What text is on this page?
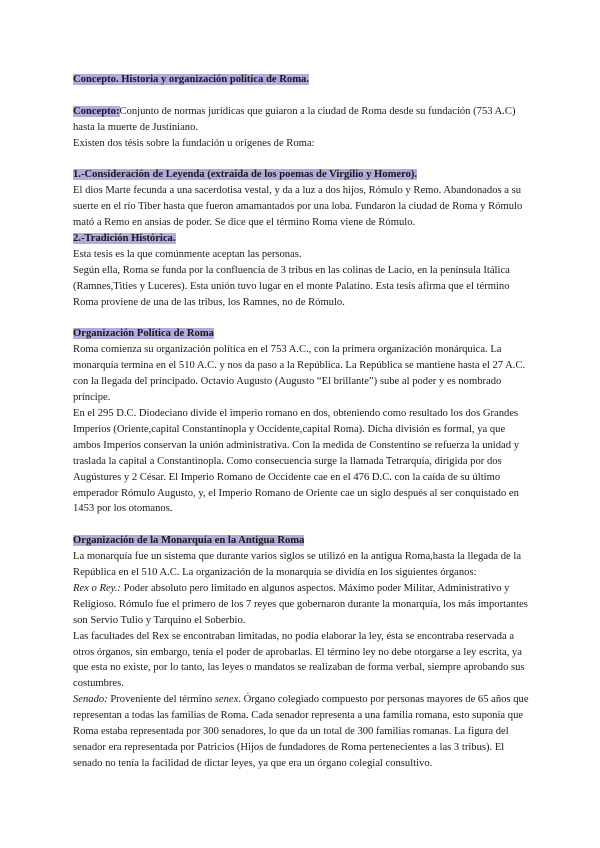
Concepto. Historia y organización política de Roma.

Concepto:Conjunto de normas jurídicas que guiaron a la ciudad de Roma desde su fundación (753 A.C) hasta la muerte de Justiniano.

Existen dos tésis sobre la fundación u orígenes de Roma:

1.-Consideración de Leyenda (extraída de los poemas de Virgilio y Homero).

El dios Marte fecunda a una sacerdotisa vestal, y da a luz a dos hijos, Rómulo y Remo. Abandonados a su suerte en el río Tiber hasta que fueron amamantados por una loba. Fundaron la ciudad de Roma y Rómulo mató a Remo en ansias de poder. Se dice que el término Roma viene de Rómulo.

2.-Tradición Histórica.

Esta tesis es la que comúnmente aceptan las personas.

Según ella, Roma se funda por la confluencia de 3 tribus en las colinas de Lacio, en la península Itálica (Ramnes,Tities y Luceres). Esta unión tuvo lugar en el monte Palatino. Esta tesis afirma que el término Roma proviene de una de las tribus, los Ramnes, no de Rómulo.

Organización Política de Roma

Roma comienza su organización política en el 753 A.C., con la primera organización monárquica. La monarquía termina en el 510 A.C. y nos da paso a la República. La República se mantiene hasta el 27 A.C. con la llegada del principado. Octavio Augusto (Augusto “El brillante”) sube al poder y es nombrado príncipe.

En el 295 D.C. Diodeciano divide el imperio romano en dos, obteniendo como resultado los dos Grandes Imperios (Oriente,capital Constantinopla y Occidente,capital Roma). Dicha división es formal, ya que ambos Imperios conservan la unión administrativa. Con la medida de Constentino se refuerza la unidad y traslada la capital a Constantinopla. Como consecuencia surge la llamada Tetrarquía, dirigida por dos Augústures y 2 César. El Imperio Romano de Occidente cae en el 476 D.C. con la caída de su último emperador Rómulo Augusto, y, el Imperio Romano de Oriente cae un siglo después al ser conquistado en 1453 por los otomanos.

Organización de la Monarquía en la Antigua Roma

La monarquía fue un sistema que durante varios siglos se utilizó en la antigua Roma,hasta la llegada de la República en el 510 A.C. La organización de la monarquía se dividía en los siguientes órganos:

Rex o Rey.: Poder absoluto pero limitado en algunos aspectos. Máximo poder Militar, Administrativo y Religioso. Rómulo fue el primero de los 7 reyes que gobernaron durante la monarquía, los más importantes son Servio Tulio y Tarquino el Soberbio.

Las facultades del Rex se encontraban limitadas, no podía elaborar la ley, ésta se encontraba reservada a otros órganos, sin embargo, tenía el poder de aprobarlas. El término ley no debe otorgarse a ley escrita, ya que esta no existe, por lo tanto, las leyes o mandatos se realizaban de forma verbal, siempre aprobando sus costumbres.

Senado: Proveniente del término senex. Órgano colegiado compuesto por personas mayores de 65 años que representan a todas las familias de Roma. Cada senador representa a una familia romana, esto suponía que Roma estaba representada por 300 senadores, lo que da un total de 300 familias romanas. La figura del senador era representada por Patricios (Hijos de fundadores de Roma pertenecientes a las 3 tribus). El senado no tenía la facilidad de dictar leyes, ya que era un órgano colegial consultivo.
